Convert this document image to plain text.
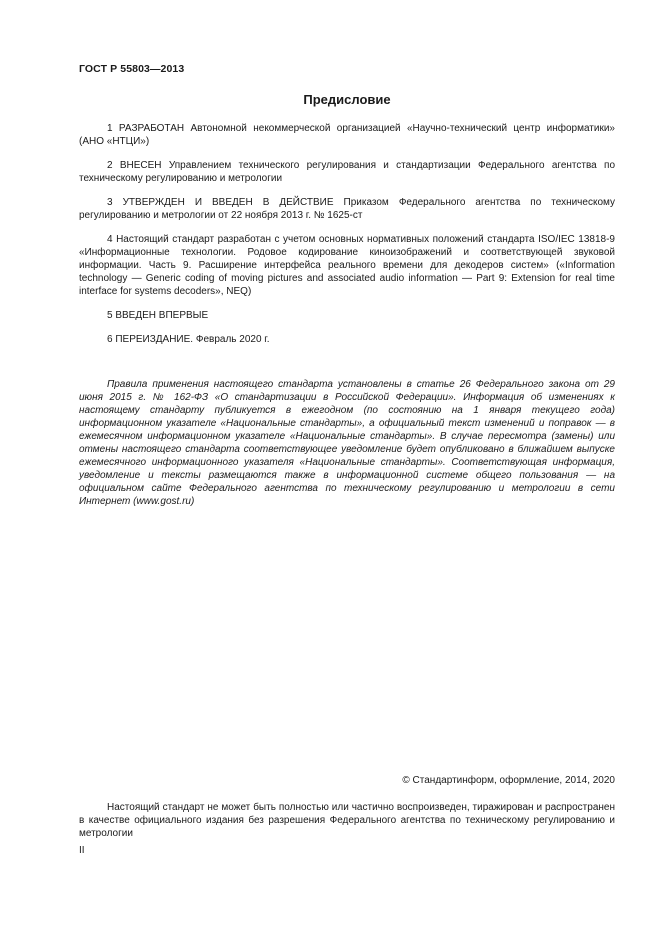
ГОСТ Р 55803—2013
Предисловие

1 РАЗРАБОТАН Автономной некоммерческой организацией «Научно-технический центр информатики» (АНО «НТЦИ»)

2 ВНЕСЕН Управлением технического регулирования и стандартизации Федерального агентства по техническому регулированию и метрологии

3 УТВЕРЖДЕН И ВВЕДЕН В ДЕЙСТВИЕ Приказом Федерального агентства по техническому регулированию и метрологии от 22 ноября 2013 г. № 1625-ст

4 Настоящий стандарт разработан с учетом основных нормативных положений стандарта ISO/IEC 13818-9 «Информационные технологии. Родовое кодирование киноизображений и соответствующей звуковой информации. Часть 9. Расширение интерфейса реального времени для декодеров систем» («Information technology — Generic coding of moving pictures and associated audio information — Part 9: Extension for real time interface for systems decoders», NEQ)

5 ВВЕДЕН ВПЕРВЫЕ

6 ПЕРЕИЗДАНИЕ. Февраль 2020 г.

Правила применения настоящего стандарта установлены в статье 26 Федерального закона от 29 июня 2015 г. № 162-ФЗ «О стандартизации в Российской Федерации». Информация об изменениях к настоящему стандарту публикуется в ежегодном (по состоянию на 1 января текущего года) информационном указателе «Национальные стандарты», а официальный текст изменений и поправок — в ежемесячном информационном указателе «Национальные стандарты». В случае пересмотра (замены) или отмены настоящего стандарта соответствующее уведомление будет опубликовано в ближайшем выпуске ежемесячного информационного указателя «Национальные стандарты». Соответствующая информация, уведомление и тексты размещаются также в информационной системе общего пользования — на официальном сайте Федерального агентства по техническому регулированию и метрологии в сети Интернет (www.gost.ru)

© Стандартинформ, оформление, 2014, 2020

Настоящий стандарт не может быть полностью или частично воспроизведен, тиражирован и распространен в качестве официального издания без разрешения Федерального агентства по техническому регулированию и метрологии

II
